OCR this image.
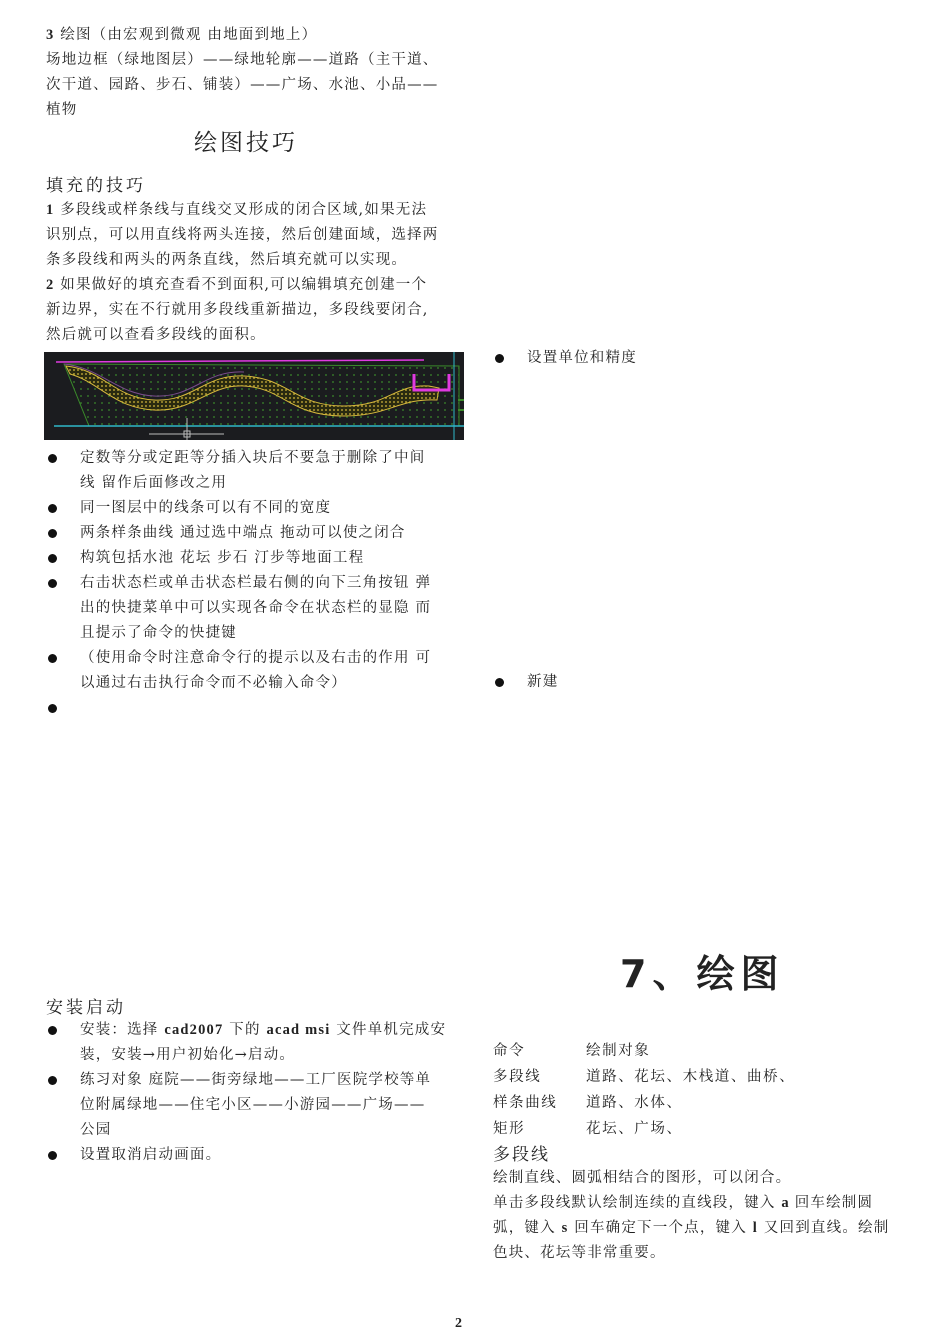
3 绘图（由宏观到微观 由地面到地上）

场地边框（绿地图层）——绿地轮廓——道路（主干道、

次干道、园路、步石、铺装）——广场、水池、小品——

植物

绘图技巧
填充的技巧

1 多段线或样条线与直线交叉形成的闭合区域,如果无法

识别点，可以用直线将两头连接，然后创建面域，选择两

条多段线和两头的两条直线，然后填充就可以实现。

2 如果做好的填充查看不到面积,可以编辑填充创建一个

新边界，实在不行就用多段线重新描边，多段线要闭合,

然后就可以查看多段线的面积。

定数等分或定距等分插入块后不要急于删除了中间
线 留作后面修改之用
同一图层中的线条可以有不同的宽度
两条样条曲线 通过选中端点 拖动可以使之闭合
构筑包括水池 花坛 步石 汀步等地面工程
右击状态栏或单击状态栏最右侧的向下三角按钮 弹
出的快捷菜单中可以实现各命令在状态栏的显隐 而
且提示了命令的快捷键
（使用命令时注意命令行的提示以及右击的作用 可
以通过右击执行命令而不必输入命令）
安装启动
安装：选择 cad2007 下的 acad msi 文件单机完成安
装，安装→用户初始化→启动。
练习对象 庭院——街旁绿地——工厂医院学校等单
位附属绿地——住宅小区——小游园——广场——
公园
设置取消启动画面。
设置单位和精度
新建
7、绘图
命令	绘制对象
多段线	道路、花坛、木栈道、曲桥、
样条曲线	道路、水体、
矩形	花坛、广场、
多段线

绘制直线、圆弧相结合的图形，可以闭合。

单击多段线默认绘制连续的直线段，键入 a 回车绘制圆

弧，键入 s 回车确定下一个点，键入 l 又回到直线。绘制

色块、花坛等非常重要。

2
